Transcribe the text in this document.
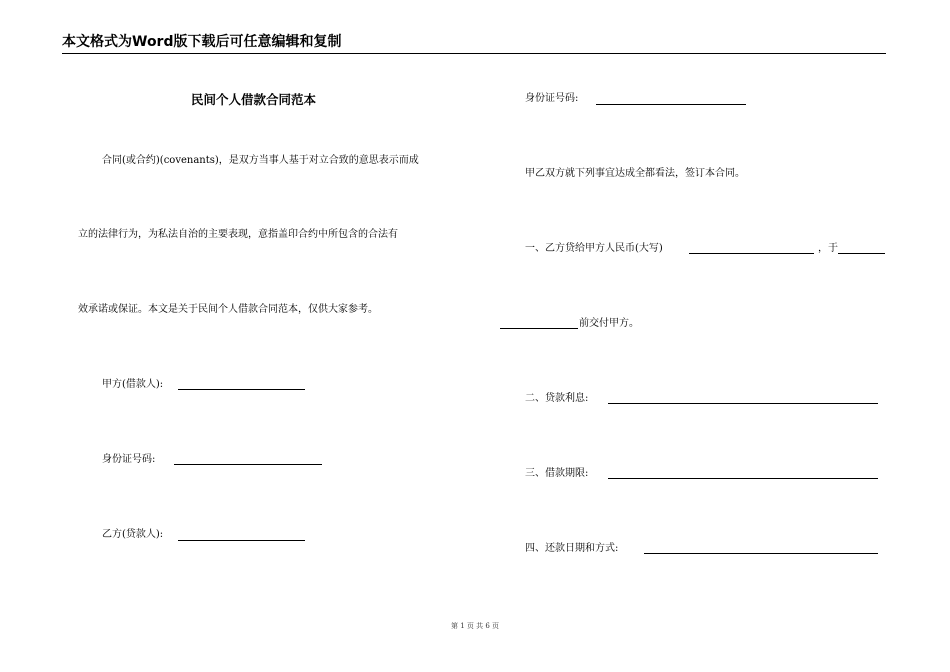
本文格式为Word版下载后可任意编辑和复制
民间个人借款合同范本
合同(或合约)(covenants)，是双方当事人基于对立合致的意思表示而成
立的法律行为，为私法自治的主要表现，意指盖印合约中所包含的合法有
效承诺或保证。本文是关于民间个人借款合同范本，仅供大家参考。
甲方(借款人):
身份证号码:
乙方(贷款人):
身份证号码:
甲乙双方就下列事宜达成全都看法，签订本合同。
一、乙方贷给甲方人民币(大写)	，于
前交付甲方。
二、贷款利息:
三、借款期限:
四、还款日期和方式:
第 1 页 共 6 页
